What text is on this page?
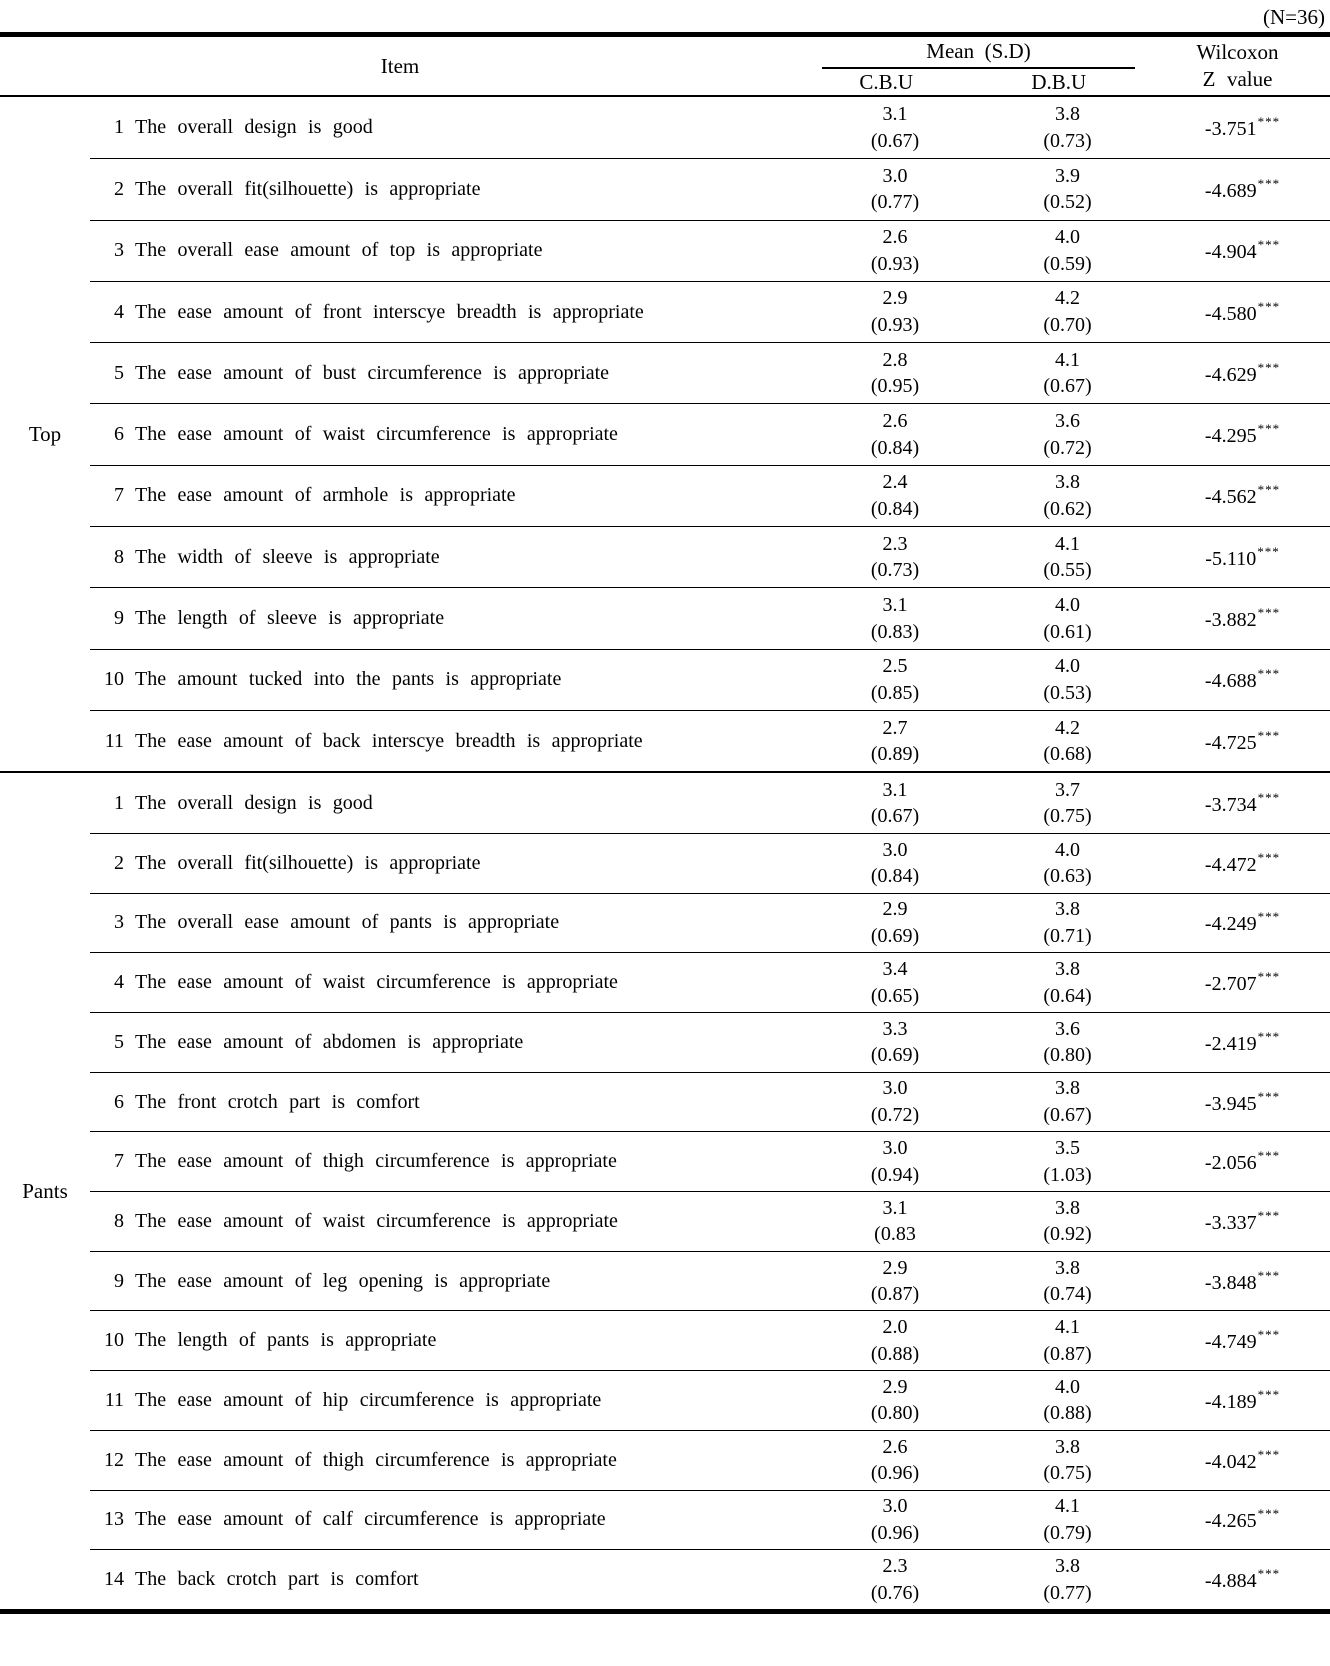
(N=36)
Item
Mean (S.D)
C.B.U	D.B.U
Wilcoxon
Z value
Top
1 The overall design is good
3.1
(0.67)
3.8
(0.73)
-3.751***
2 The overall fit(silhouette) is appropriate
3.0
(0.77)
3.9
(0.52)
-4.689***
3 The overall ease amount of top is appropriate
2.6
(0.93)
4.0
(0.59)
-4.904***
4 The ease amount of front interscye breadth is appropriate
2.9
(0.93)
4.2
(0.70)
-4.580***
5 The ease amount of bust circumference is appropriate
2.8
(0.95)
4.1
(0.67)
-4.629***
6 The ease amount of waist circumference is appropriate
2.6
(0.84)
3.6
(0.72)
-4.295***
7 The ease amount of armhole is appropriate
2.4
(0.84)
3.8
(0.62)
-4.562***
8 The width of sleeve is appropriate
2.3
(0.73)
4.1
(0.55)
-5.110***
9 The length of sleeve is appropriate
3.1
(0.83)
4.0
(0.61)
-3.882***
10 The amount tucked into the pants is appropriate
2.5
(0.85)
4.0
(0.53)
-4.688***
11 The ease amount of back interscye breadth is appropriate
2.7
(0.89)
4.2
(0.68)
-4.725***
Pants
1 The overall design is good
3.1
(0.67)
3.7
(0.75)
-3.734***
2 The overall fit(silhouette) is appropriate
3.0
(0.84)
4.0
(0.63)
-4.472***
3 The overall ease amount of pants is appropriate
2.9
(0.69)
3.8
(0.71)
-4.249***
4 The ease amount of waist circumference is appropriate
3.4
(0.65)
3.8
(0.64)
-2.707***
5 The ease amount of abdomen is appropriate
3.3
(0.69)
3.6
(0.80)
-2.419***
6 The front crotch part is comfort
3.0
(0.72)
3.8
(0.67)
-3.945***
7 The ease amount of thigh circumference is appropriate
3.0
(0.94)
3.5
(1.03)
-2.056***
8 The ease amount of waist circumference is appropriate
3.1
(0.83
3.8
(0.92)
-3.337***
9 The ease amount of leg opening is appropriate
2.9
(0.87)
3.8
(0.74)
-3.848***
10 The length of pants is appropriate
2.0
(0.88)
4.1
(0.87)
-4.749***
11 The ease amount of hip circumference is appropriate
2.9
(0.80)
4.0
(0.88)
-4.189***
12 The ease amount of thigh circumference is appropriate
2.6
(0.96)
3.8
(0.75)
-4.042***
13 The ease amount of calf circumference is appropriate
3.0
(0.96)
4.1
(0.79)
-4.265***
14 The back crotch part is comfort
2.3
(0.76)
3.8
(0.77)
-4.884***
